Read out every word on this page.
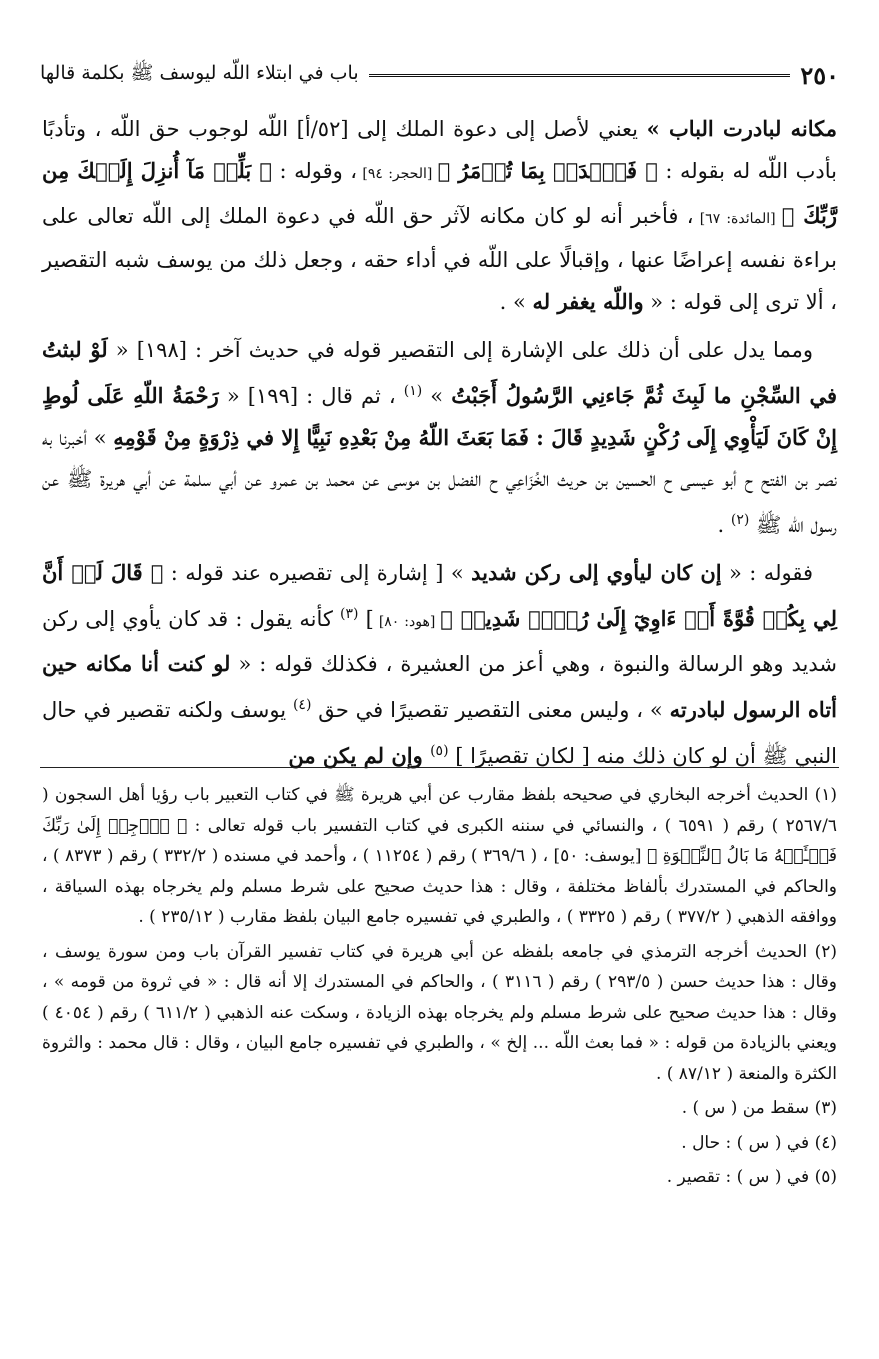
٢٥٠
باب في ابتلاء اللّه ليوسف ﷺ بكلمة قالها

مكانه لبادرت الباب » يعني لأصل إلى دعوة الملك إلى [٥٢/أ] اللّه لوجوب حق اللّه ، وتأدبًا بأدب اللّه له بقوله : ﴿ فَٱصۡدَعۡ بِمَا تُؤۡمَرُ ﴾ [الحجر: ٩٤] ، وقوله : ﴿ بَلِّغۡ مَآ أُنزِلَ إِلَيۡكَ مِن رَّبِّكَ ﴾ [المائدة: ٦٧] ، فأخبر أنه لو كان مكانه لآثر حق اللّه في دعوة الملك إلى اللّه تعالى على براءة نفسه إعراضًا عنها ، وإقبالًا على اللّه في أداء حقه ، وجعل ذلك من يوسف شبه التقصير ، ألا ترى إلى قوله : « واللّه يغفر له » .

ومما يدل على أن ذلك على الإشارة إلى التقصير قوله في حديث آخر : [١٩٨] « لَوْ لبثتُ في السِّجْنِ ما لَبِثَ ثُمَّ جَاءنِي الرَّسُولُ أَجَبْتُ » $^{(١)}$ ، ثم قال : [١٩٩] « رَحْمَةُ اللّهِ عَلَى لُوطٍ إِنْ كَانَ لَيَأْوِي إِلَى رُكْنٍ شَدِيدٍ قَالَ : فَمَا بَعَثَ اللّهُ مِنْ بَعْدِهِ نَبِيًّا إِلا في ذِرْوَةٍ مِنْ قَوْمِهِ » أخبرنا به نصر بن الفتح ح أبو عيسى ح الحسين بن حريث الخُزَاعِي ح الفضل بن موسى عن محمد بن عمرو عن أبي سلمة عن أبي هريرة ﷺ عن رسول اللّه ﷺ $^{(٢)}$ .

فقوله : « إن كان ليأوي إلى ركن شديد » [ إشارة إلى تقصيره عند قوله : ﴿ قَالَ لَوۡ أَنَّ لِي بِكُمۡ قُوَّةً أَوۡ ءَاوِيٓ إِلَىٰ رُكۡنٖ شَدِيدٖ ﴾ [هود: ٨٠] ] $^{(٣)}$ كأنه يقول : قد كان يأوي إلى ركن شديد وهو الرسالة والنبوة ، وهي أعز من العشيرة ، فكذلك قوله : « لو كنت أنا مكانه حين أتاه الرسول لبادرته » ، وليس معنى التقصير تقصيرًا في حق $^{(٤)}$ يوسف ولكنه تقصير في حال النبي ﷺ أن لو كان ذلك منه [ لكان تقصيرًا ] $^{(٥)}$ وإن لم يكن من

(١) الحديث أخرجه البخاري في صحيحه بلفظ مقارب عن أبي هريرة ﷺ في كتاب التعبير باب رؤيا أهل السجون ( ٢٥٦٧/٦ ) رقم ( ٦٥٩١ ) ، والنسائي في سننه الكبرى في كتاب التفسير باب قوله تعالى : ﴿ ٱرۡجِعۡ إِلَىٰ رَبِّكَ فَسۡـَٔلۡهُ مَا بَالُ ٱلنِّسۡوَةِ ﴾ [يوسف: ٥٠] ، ( ٣٦٩/٦ ) رقم ( ١١٢٥٤ ) ، وأحمد في مسنده ( ٣٣٢/٢ ) رقم ( ٨٣٧٣ ) ، والحاكم في المستدرك بألفاظ مختلفة ، وقال : هذا حديث صحيح على شرط مسلم ولم يخرجاه بهذه السياقة ، ووافقه الذهبي ( ٣٧٧/٢ ) رقم ( ٣٣٢٥ ) ، والطبري في تفسيره جامع البيان بلفظ مقارب ( ٢٣٥/١٢ ) .

(٢) الحديث أخرجه الترمذي في جامعه بلفظه عن أبي هريرة في كتاب تفسير القرآن باب ومن سورة يوسف ، وقال : هذا حديث حسن ( ٢٩٣/٥ ) رقم ( ٣١١٦ ) ، والحاكم في المستدرك إلا أنه قال : « في ثروة من قومه » ، وقال : هذا حديث صحيح على شرط مسلم ولم يخرجاه بهذه الزيادة ، وسكت عنه الذهبي ( ٦١١/٢ ) رقم ( ٤٠٥٤ ) ويعني بالزيادة من قوله : « فما بعث اللّه ... إلخ » ، والطبري في تفسيره جامع البيان ، وقال : قال محمد : والثروة الكثرة والمنعة ( ٨٧/١٢ ) .

(٣) سقط من ( س ) .

(٤) في ( س ) : حال .

(٥) في ( س ) : تقصير .
